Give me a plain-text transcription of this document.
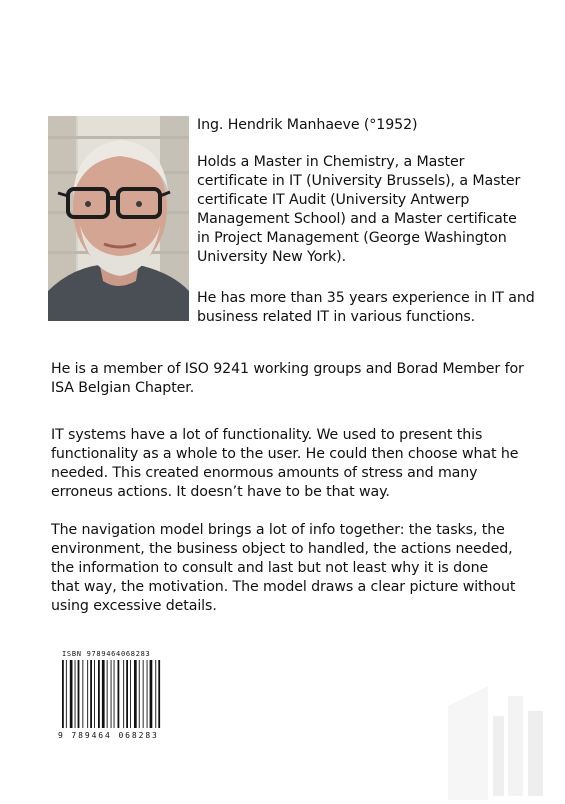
Ing. Hendrik Manhaeve (°1952)
Holds a Master in Chemistry, a Master
certificate in IT (University Brussels), a Master
certificate IT Audit (University Antwerp
Management School) and a Master certificate
in Project Management (George Washington
University New York).
He has more than 35 years experience in IT and
business related IT in various functions.
He is a member of ISO 9241 working groups and Borad Member for
ISA Belgian Chapter.
IT systems have a lot of functionality. We used to present this
functionality as a whole to the user. He could then choose what he
needed. This created enormous amounts of stress and many
erroneus actions. It doesn’t have to be that way.
The navigation model brings a lot of info together: the tasks, the
environment, the business object to handled, the actions needed,
the information to consult and last but not least why it is done
that way, the motivation. The model draws a clear picture without
using excessive details.
ISBN 9789464068283
9 789464 068283
